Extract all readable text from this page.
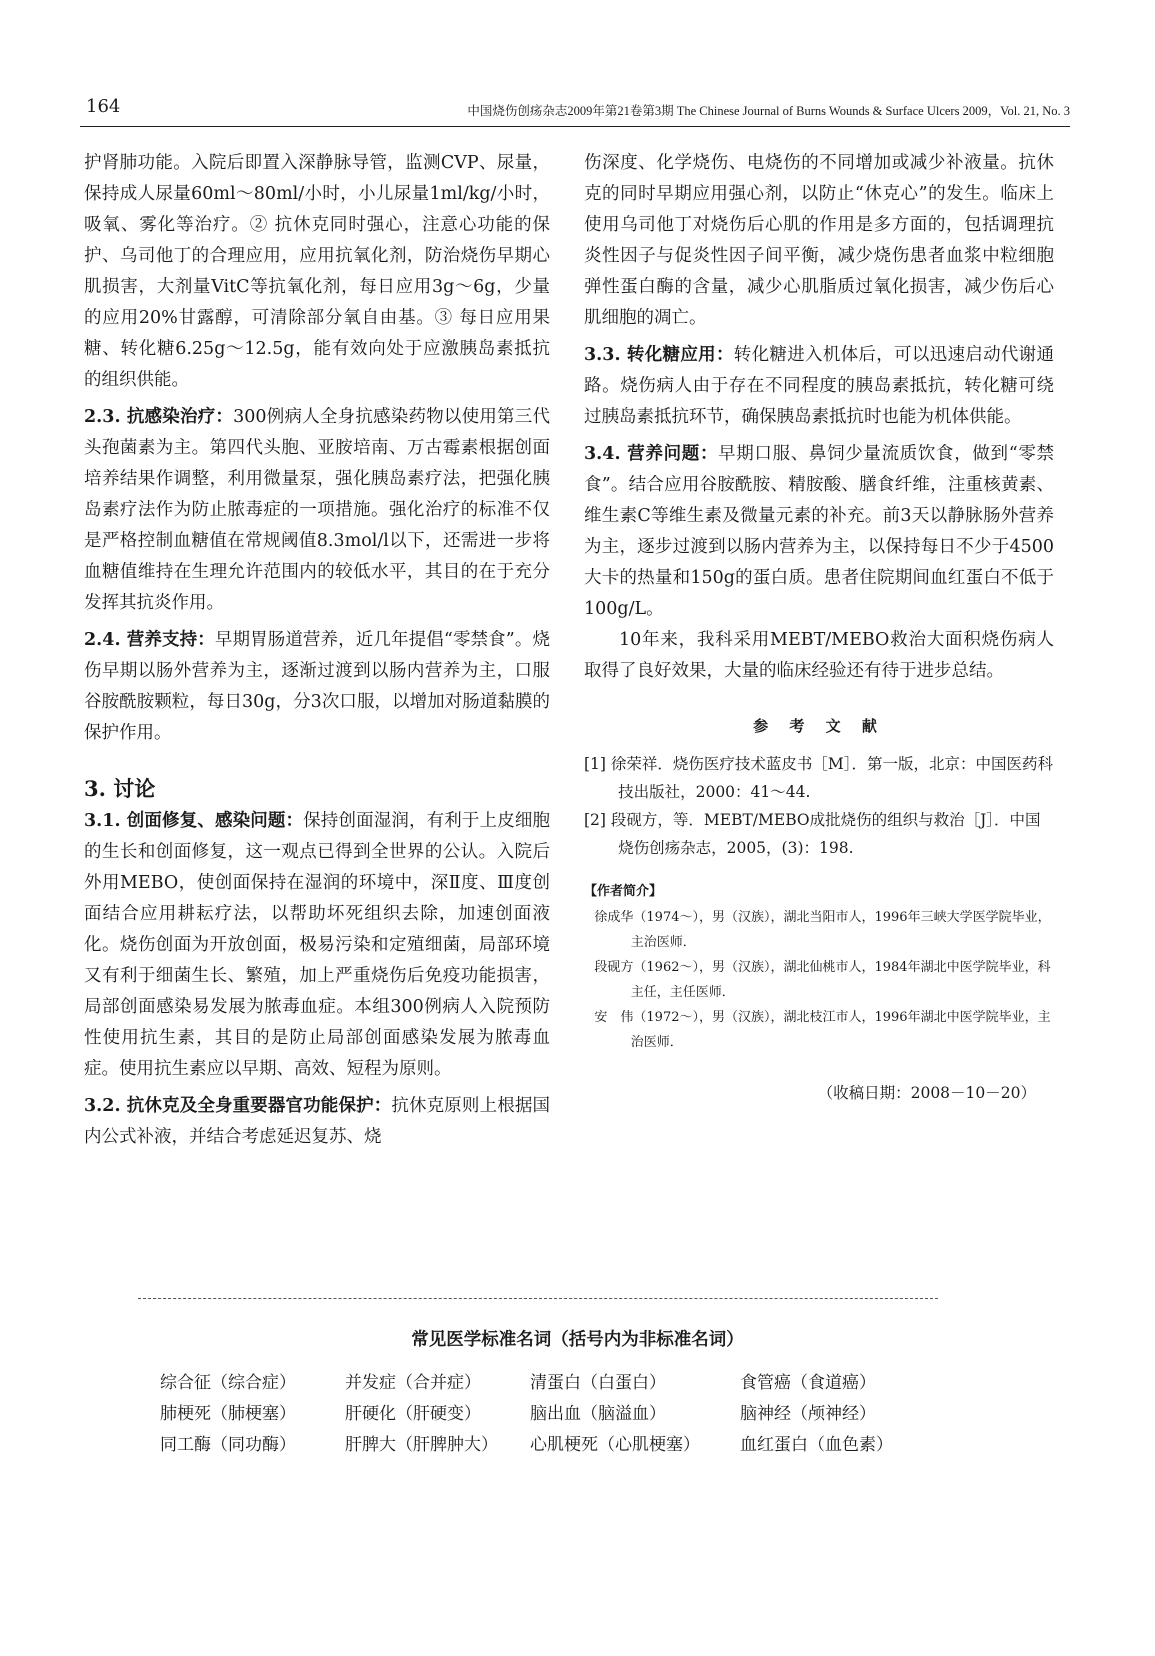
164	中国烧伤创疡杂志2009年第21卷第3期 The Chinese Journal of Burns Wounds & Surface Ulcers 2009，Vol. 21, No. 3

护肾肺功能。入院后即置入深静脉导管，监测CVP、尿量，保持成人尿量60ml～80ml/小时，小儿尿量1ml/kg/小时，吸氧、雾化等治疗。② 抗休克同时强心，注意心功能的保护、乌司他丁的合理应用，应用抗氧化剂，防治烧伤早期心肌损害，大剂量VitC等抗氧化剂，每日应用3g～6g，少量的应用20%甘露醇，可清除部分氧自由基。③ 每日应用果糖、转化糖6.25g～12.5g，能有效向处于应激胰岛素抵抗的组织供能。

2.3. 抗感染治疗：300例病人全身抗感染药物以使用第三代头孢菌素为主。第四代头胞、亚胺培南、万古霉素根据创面培养结果作调整，利用微量泵，强化胰岛素疗法，把强化胰岛素疗法作为防止脓毒症的一项措施。强化治疗的标准不仅是严格控制血糖值在常规阈值8.3mol/l以下，还需进一步将血糖值维持在生理允许范围内的较低水平，其目的在于充分发挥其抗炎作用。

2.4. 营养支持：早期胃肠道营养，近几年提倡“零禁食”。烧伤早期以肠外营养为主，逐渐过渡到以肠内营养为主，口服谷胺酰胺颗粒，每日30g，分3次口服，以增加对肠道黏膜的保护作用。

3. 讨论

3.1. 创面修复、感染问题：保持创面湿润，有利于上皮细胞的生长和创面修复，这一观点已得到全世界的公认。入院后外用MEBO，使创面保持在湿润的环境中，深Ⅱ度、Ⅲ度创面结合应用耕耘疗法，以帮助坏死组织去除，加速创面液化。烧伤创面为开放创面，极易污染和定殖细菌，局部环境又有利于细菌生长、繁殖，加上严重烧伤后免疫功能损害，局部创面感染易发展为脓毒血症。本组300例病人入院预防性使用抗生素，其目的是防止局部创面感染发展为脓毒血症。使用抗生素应以早期、高效、短程为原则。

3.2. 抗休克及全身重要器官功能保护：抗休克原则上根据国内公式补液，并结合考虑延迟复苏、烧

伤深度、化学烧伤、电烧伤的不同增加或减少补液量。抗休克的同时早期应用强心剂，以防止“休克心”的发生。临床上使用乌司他丁对烧伤后心肌的作用是多方面的，包括调理抗炎性因子与促炎性因子间平衡，减少烧伤患者血浆中粒细胞弹性蛋白酶的含量，减少心肌脂质过氧化损害，减少伤后心肌细胞的凋亡。

3.3. 转化糖应用：转化糖进入机体后，可以迅速启动代谢通路。烧伤病人由于存在不同程度的胰岛素抵抗，转化糖可绕过胰岛素抵抗环节，确保胰岛素抵抗时也能为机体供能。

3.4. 营养问题：早期口服、鼻饲少量流质饮食，做到“零禁食”。结合应用谷胺酰胺、精胺酸、膳食纤维，注重核黄素、维生素C等维生素及微量元素的补充。前3天以静脉肠外营养为主，逐步过渡到以肠内营养为主，以保持每日不少于4500大卡的热量和150g的蛋白质。患者住院期间血红蛋白不低于100g/L。

10年来，我科采用MEBT/MEBO救治大面积烧伤病人取得了良好效果，大量的临床经验还有待于进步总结。

参 考 文 献

[1] 徐荣祥．烧伤医疗技术蓝皮书［M］．第一版，北京：中国医药科技出版社，2000：41～44.

[2] 段砚方，等．MEBT/MEBO成批烧伤的组织与救治［J］．中国烧伤创疡杂志，2005，(3)：198.

【作者简介】

徐成华（1974～），男（汉族），湖北当阳市人，1996年三峡大学医学院毕业，主治医师．

段砚方（1962～），男（汉族），湖北仙桃市人，1984年湖北中医学院毕业，科主任，主任医师．

安　伟（1972～），男（汉族），湖北枝江市人，1996年湖北中医学院毕业，主治医师．

（收稿日期：2008－10－20）
常见医学标准名词（括号内为非标准名词）
综合征（综合症）	并发症（合并症）	清蛋白（白蛋白）	食管癌（食道癌）
肺梗死（肺梗塞）	肝硬化（肝硬变）	脑出血（脑溢血）	脑神经（颅神经）
同工酶（同功酶）	肝脾大（肝脾肿大）	心肌梗死（心肌梗塞）	血红蛋白（血色素）
